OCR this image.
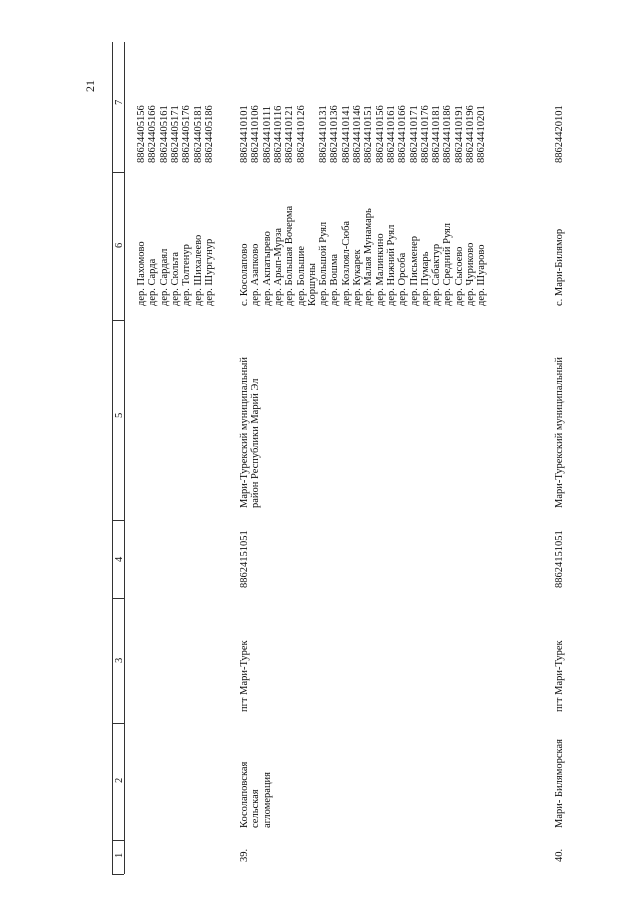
21
1
2
3
4
5
6
7
дер. Пахомово
88624405156
дер. Сарда
88624405166
дер. Сардаял
88624405161
дер. Сюльта
88624405171
дер. Толтенур
88624405176
дер. Шихалеево
88624405181
дер. Шургунур
88624405186
39.
Косолаповская сельская агломерация
пгт Мари-Турек
88624151051
Мари-Турекский муниципальный район Республики Марий Эл
с. Косолапово
88624410101
дер. Азапково
88624410106
дер. Акпатырево
88624410111
дер. Арып-Мурза
88624410116
дер. Большая Вочерма
88624410121
дер. Большие
88624410126
Коршуны дер. Большой Руял
88624410131
дер. Вошма
88624410136
дер. Козлоял-Сюба
88624410141
дер. Кукарек
88624410146
дер. Малая Мунамарь
88624410151
дер. Малинкино
88624410156
дер. Нижний Руял
88624410161
дер. Орсоба
88624410166
дер. Письменер
88624410171
дер. Пумарь
88624410176
дер. Сабактур
88624410181
дер. Средний Руял
88624410186
дер. Сысоево
88624410191
дер. Чуриково
88624410196
дер. Шуарово
88624410201
40.
Мари- Биляморская
пгт Мари-Турек
88624151051
Мари-Турекский муниципальный
с. Мари-Билямор
88624420101
